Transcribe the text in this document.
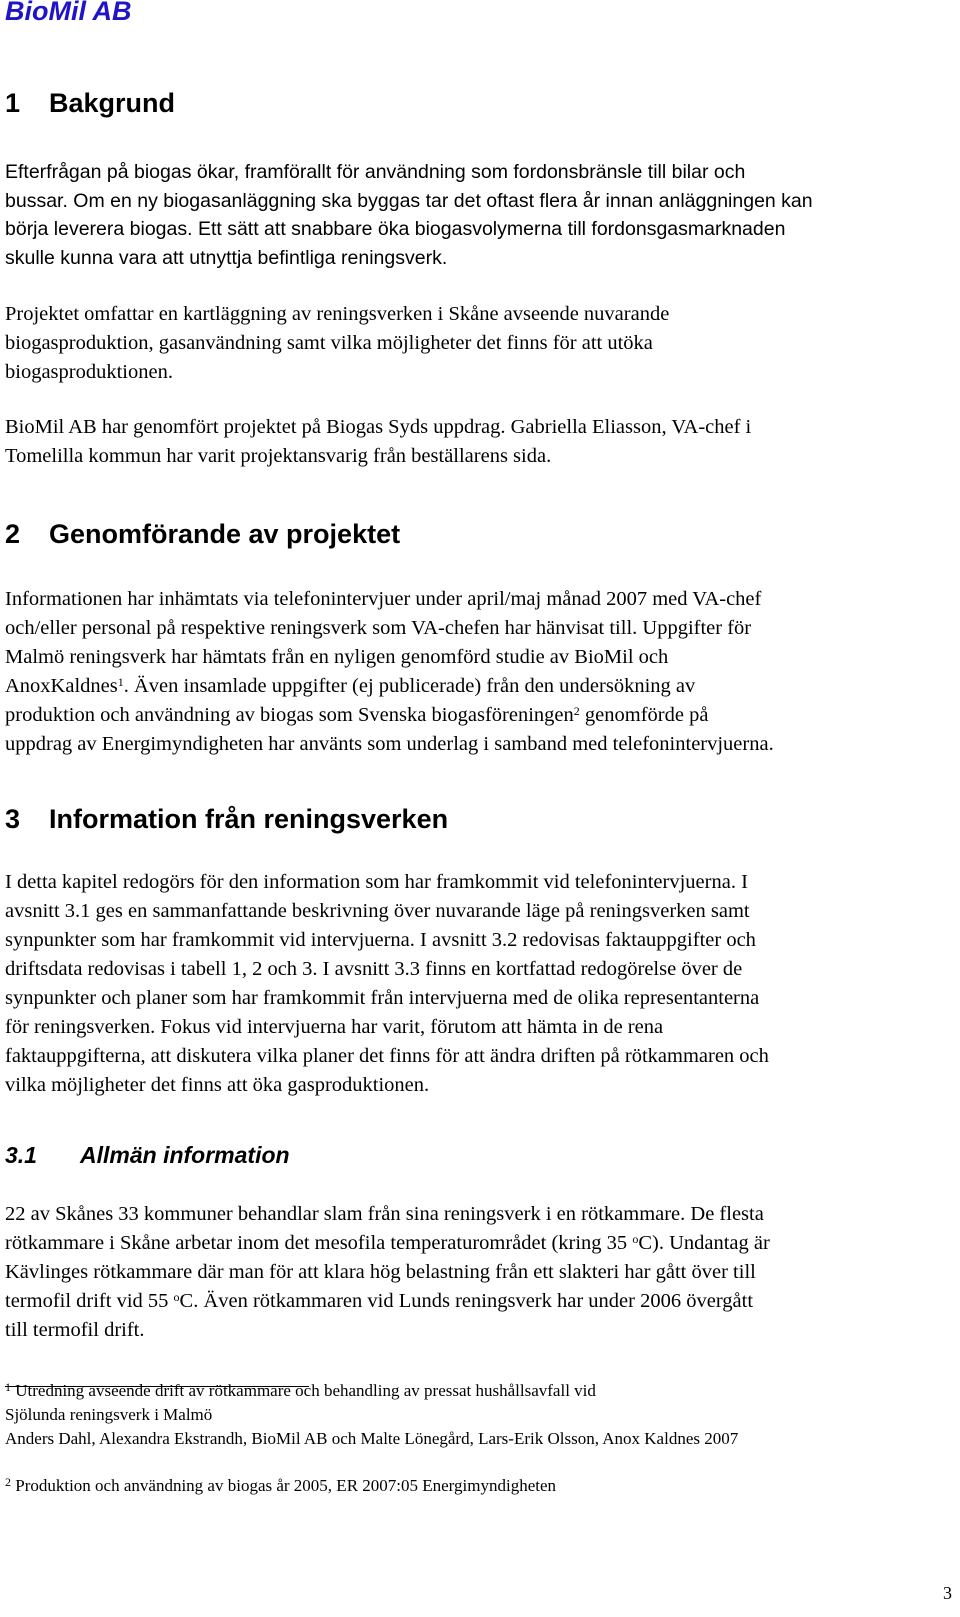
BioMil AB
1 Bakgrund
Efterfrågan på biogas ökar, framförallt för användning som fordonsbränsle till bilar och
bussar. Om en ny biogasanläggning ska byggas tar det oftast flera år innan anläggningen kan
börja leverera biogas. Ett sätt att snabbare öka biogasvolymerna till fordonsgasmarknaden
skulle kunna vara att utnyttja befintliga reningsverk.
Projektet omfattar en kartläggning av reningsverken i Skåne avseende nuvarande
biogasproduktion, gasanvändning samt vilka möjligheter det finns för att utöka
biogasproduktionen.
BioMil AB har genomfört projektet på Biogas Syds uppdrag. Gabriella Eliasson, VA-chef i
Tomelilla kommun har varit projektansvarig från beställarens sida.
2 Genomförande av projektet
Informationen har inhämtats via telefonintervjuer under april/maj månad 2007 med VA-chef
och/eller personal på respektive reningsverk som VA-chefen har hänvisat till. Uppgifter för
Malmö reningsverk har hämtats från en nyligen genomförd studie av BioMil och
AnoxKaldnes$^1$. Även insamlade uppgifter (ej publicerade) från den undersökning av
produktion och användning av biogas som Svenska biogasföreningen$^2$ genomförde på
uppdrag av Energimyndigheten har använts som underlag i samband med telefonintervjuerna.
3 Information från reningsverken
I detta kapitel redogörs för den information som har framkommit vid telefonintervjuerna. I
avsnitt 3.1 ges en sammanfattande beskrivning över nuvarande läge på reningsverken samt
synpunkter som har framkommit vid intervjuerna. I avsnitt 3.2 redovisas faktauppgifter och
driftsdata redovisas i tabell 1, 2 och 3. I avsnitt 3.3 finns en kortfattad redogörelse över de
synpunkter och planer som har framkommit från intervjuerna med de olika representanterna
för reningsverken. Fokus vid intervjuerna har varit, förutom att hämta in de rena
faktauppgifterna, att diskutera vilka planer det finns för att ändra driften på rötkammaren och
vilka möjligheter det finns att öka gasproduktionen.
3.1 Allmän information
22 av Skånes 33 kommuner behandlar slam från sina reningsverk i en rötkammare. De flesta
rötkammare i Skåne arbetar inom det mesofila temperaturområdet (kring 35 $^o$C). Undantag är
Kävlinges rötkammare där man för att klara hög belastning från ett slakteri har gått över till
termofil drift vid 55 $^o$C. Även rötkammaren vid Lunds reningsverk har under 2006 övergått
till termofil drift.
$^1$ Utredning avseende drift av rötkammare och behandling av pressat hushållsavfall vid
Sjölunda reningsverk i Malmö
Anders Dahl, Alexandra Ekstrandh, BioMil AB och Malte Lönegård, Lars-Erik Olsson, Anox Kaldnes 2007
$^2$ Produktion och användning av biogas år 2005, ER 2007:05 Energimyndigheten
3
